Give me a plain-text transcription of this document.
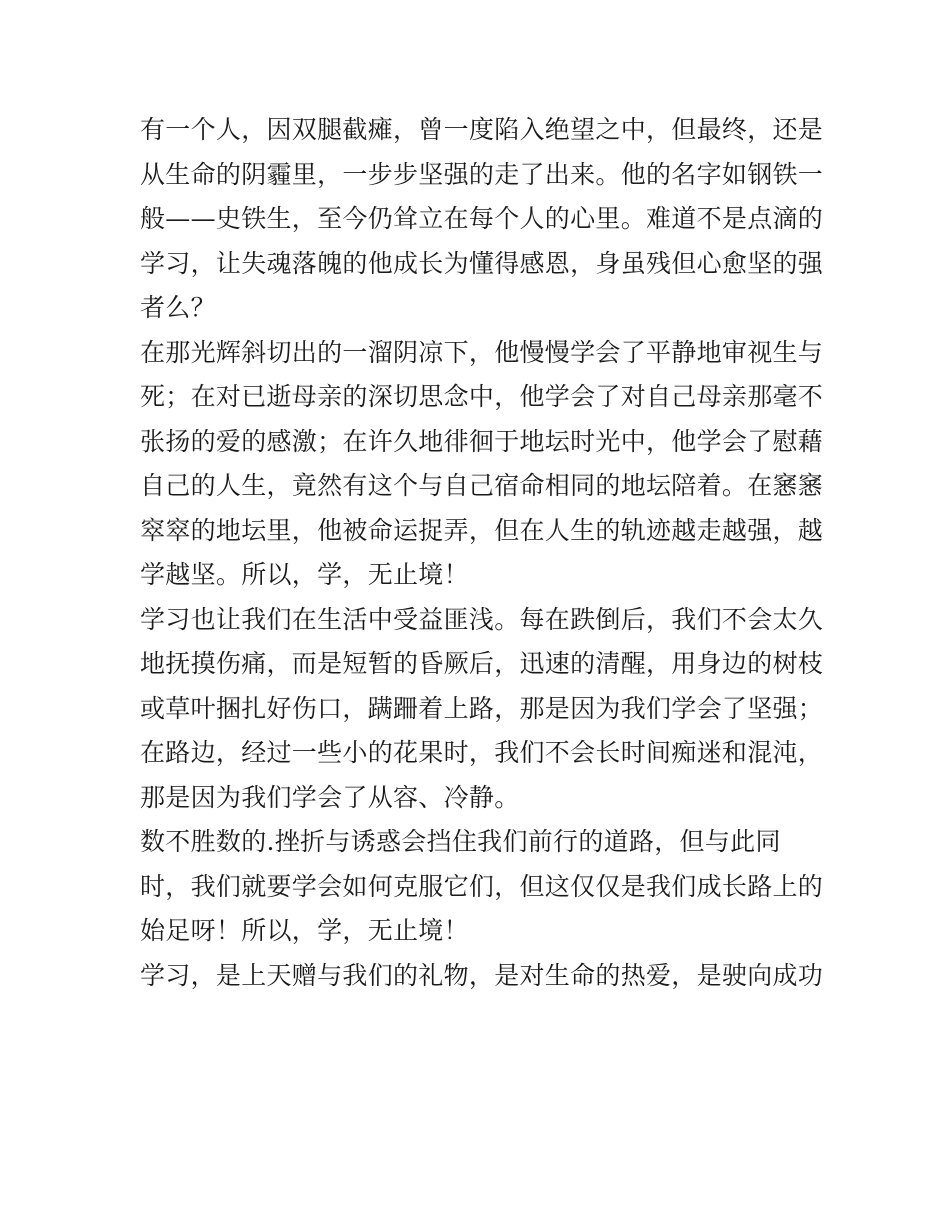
有一个人，因双腿截瘫，曾一度陷入绝望之中，但最终，还是
从生命的阴霾里，一步步坚强的走了出来。他的名字如钢铁一
般——史铁生，至今仍耸立在每个人的心里。难道不是点滴的
学习，让失魂落魄的他成长为懂得感恩，身虽残但心愈坚的强
者么？
在那光辉斜切出的一溜阴凉下，他慢慢学会了平静地审视生与
死；在对已逝母亲的深切思念中，他学会了对自己母亲那毫不
张扬的爱的感激；在许久地徘徊于地坛时光中，他学会了慰藉
自己的人生，竟然有这个与自己宿命相同的地坛陪着。在窸窸
窣窣的地坛里，他被命运捉弄，但在人生的轨迹越走越强，越
学越坚。所以，学，无止境！
学习也让我们在生活中受益匪浅。每在跌倒后，我们不会太久
地抚摸伤痛，而是短暂的昏厥后，迅速的清醒，用身边的树枝
或草叶捆扎好伤口，蹒跚着上路，那是因为我们学会了坚强；
在路边，经过一些小的花果时，我们不会长时间痴迷和混沌，
那是因为我们学会了从容、冷静。
数不胜数的.挫折与诱惑会挡住我们前行的道路，但与此同
时，我们就要学会如何克服它们，但这仅仅是我们成长路上的
始足呀！所以，学，无止境！
学习，是上天赠与我们的礼物，是对生命的热爱，是驶向成功
